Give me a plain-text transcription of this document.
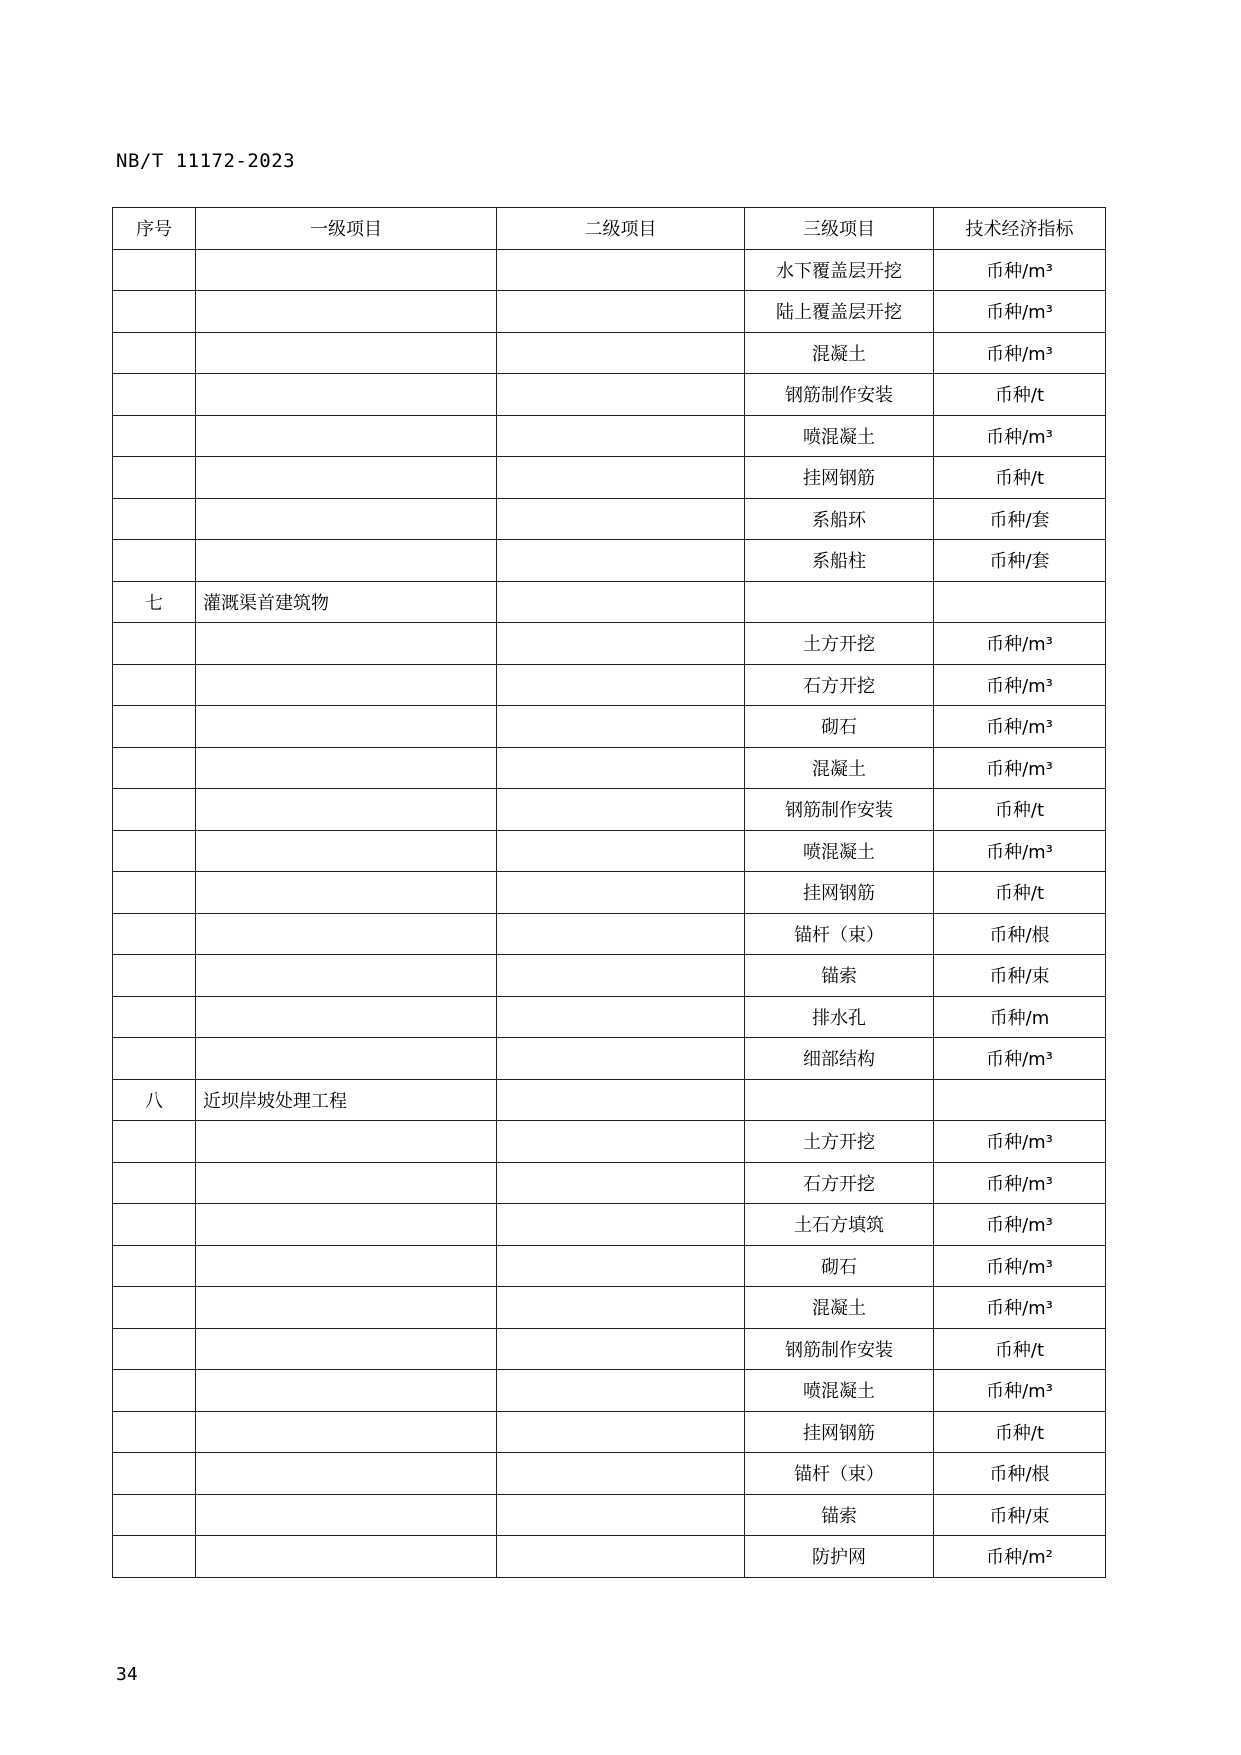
NB/T 11172-2023
序号	一级项目	二级项目	三级项目	技术经济指标
			水下覆盖层开挖	币种/m³
			陆上覆盖层开挖	币种/m³
			混凝土	币种/m³
			钢筋制作安装	币种/t
			喷混凝土	币种/m³
			挂网钢筋	币种/t
			系船环	币种/套
			系船柱	币种/套
七	灌溉渠首建筑物			
			土方开挖	币种/m³
			石方开挖	币种/m³
			砌石	币种/m³
			混凝土	币种/m³
			钢筋制作安装	币种/t
			喷混凝土	币种/m³
			挂网钢筋	币种/t
			锚杆（束）	币种/根
			锚索	币种/束
			排水孔	币种/m
			细部结构	币种/m³
八	近坝岸坡处理工程			
			土方开挖	币种/m³
			石方开挖	币种/m³
			土石方填筑	币种/m³
			砌石	币种/m³
			混凝土	币种/m³
			钢筋制作安装	币种/t
			喷混凝土	币种/m³
			挂网钢筋	币种/t
			锚杆（束）	币种/根
			锚索	币种/束
			防护网	币种/m²
34
